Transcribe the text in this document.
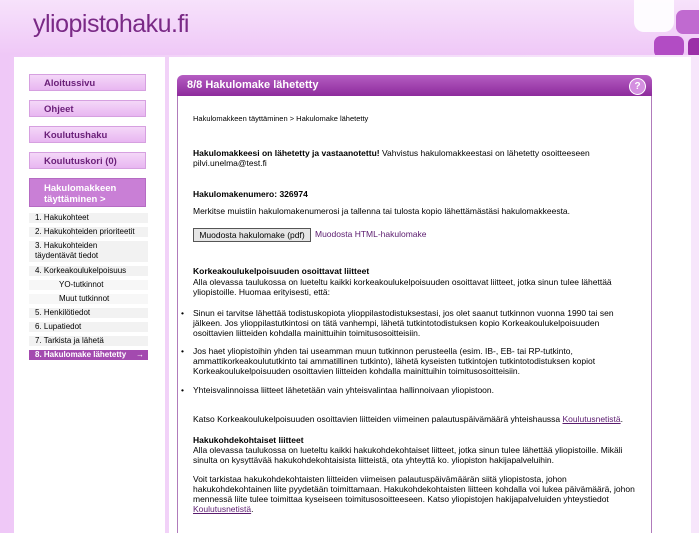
yliopistohaku.fi
Aloitussivu
Ohjeet
Koulutushaku
Koulutuskori (0)
Hakulomakkeen
täyttäminen >
1. Hakukohteet
2. Hakukohteiden prioriteetit
3. Hakukohteiden
täydentävät tiedot
4. Korkeakoulukelpoisuus
YO-tutkinnot
Muut tutkinnot
5. Henkilötiedot
6. Lupatiedot
7. Tarkista ja lähetä
8. Hakulomake lähetetty →
8/8 Hakulomake lähetetty	?
Hakulomakkeen täyttäminen > Hakulomake lähetetty
Hakulomakkeesi on lähetetty ja vastaanotettu! Vahvistus hakulomakkeestasi on lähetetty osoitteeseen
pilvi.unelma@test.fi
Hakulomakenumero: 326974
Merkitse muistiin hakulomakenumerosi ja tallenna tai tulosta kopio lähettämästäsi hakulomakkeesta.
Muodosta hakulomake (pdf)	Muodosta HTML-hakulomake
Korkeakoulukelpoisuuden osoittavat liitteet
Alla olevassa taulukossa on lueteltu kaikki korkeakoulukelpoisuuden osoittavat liitteet, jotka sinun tulee lähettää
yliopistoille. Huomaa erityisesti, että:
• Sinun ei tarvitse lähettää todistuskopiota ylioppilastodistuksestasi, jos olet saanut tutkinnon vuonna 1990 tai sen
jälkeen. Jos ylioppilastutkintosi on tätä vanhempi, lähetä tutkintotodistuksen kopio Korkeakoulukelpoisuuden
osoittavien liitteiden kohdalla mainittuihin toimitusosoitteisiin.
• Jos haet yliopistoihin yhden tai useamman muun tutkinnon perusteella (esim. IB-, EB- tai RP-tutkinto,
ammattikorkeakoulututkinto tai ammatillinen tutkinto), lähetä kyseisten tutkintojen tutkintotodistuksen kopiot
Korkeakoulukelpoisuuden osoittavien liitteiden kohdalla mainittuihin toimitusosoitteisiin.
• Yhteisvalinnoissa liitteet lähetetään vain yhteisvalintaa hallinnoivaan yliopistoon.
Katso Korkeakoulukelpoisuuden osoittavien liitteiden viimeinen palautuspäivämäärä yhteishaussa Koulutusnetistä.
Hakukohdekohtaiset liitteet
Alla olevassa taulukossa on lueteltu kaikki hakukohdekohtaiset liitteet, jotka sinun tulee lähettää yliopistoille. Mikäli
sinulta on kysyttävää hakukohdekohtaisista liitteistä, ota yhteyttä ko. yliopiston hakijapalveluihin.
Voit tarkistaa hakukohdekohtaisten liitteiden viimeisen palautuspäivämäärän siitä yliopistosta, johon
hakukohdekohtainen liite pyydetään toimittamaan. Hakukohdekohtaisten liitteen kohdalla voi lukea päivämäärä, johon
mennessä liite tulee toimittaa kyseiseen toimitusosoitteeseen. Katso yliopistojen hakijapalveluiden yhteystiedot
Koulutusnetistä.
